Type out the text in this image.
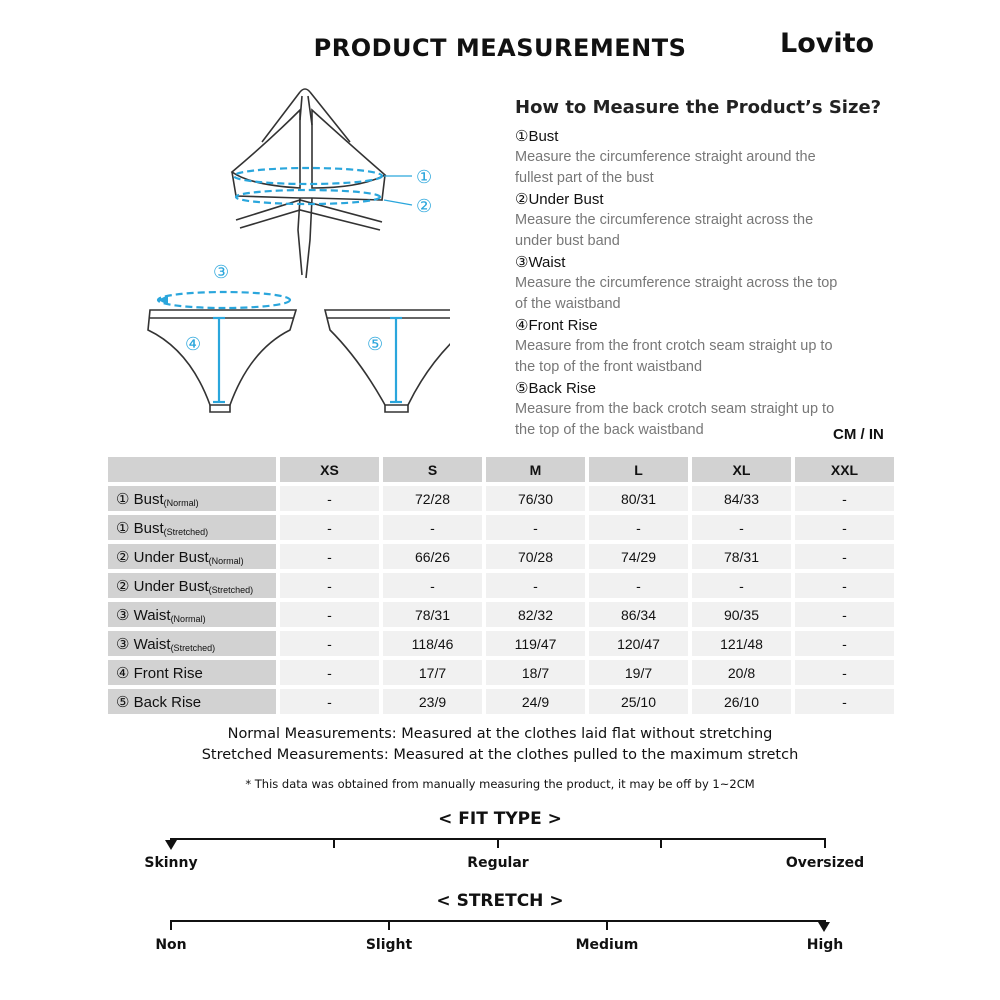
PRODUCT MEASUREMENTS	Lovito
①
②
③
④	⑤
How to Measure the Product’s Size?
①Bust
Measure the circumference straight around the
fullest part of the bust
②Under Bust
Measure the circumference straight across the
under bust band
③Waist
Measure the circumference straight across the top
of the waistband
④Front Rise
Measure from the front crotch seam straight up to
the top of the front waistband
⑤Back Rise
Measure from the back crotch seam straight up to
the top of the back waistband	CM / IN
	XS	S	M	L	XL	XXL
① Bust$_{(Normal)}$	-	72/28	76/30	80/31	84/33	-
① Bust$_{(Stretched)}$	-	-	-	-	-	-
② Under Bust$_{(Normal)}$	-	66/26	70/28	74/29	78/31	-
② Under Bust$_{(Stretched)}$	-	-	-	-	-	-
③ Waist$_{(Normal)}$	-	78/31	82/32	86/34	90/35	-
③ Waist$_{(Stretched)}$	-	118/46	119/47	120/47	121/48	-
④ Front Rise	-	17/7	18/7	19/7	20/8	-
⑤ Back Rise	-	23/9	24/9	25/10	26/10	-
Normal Measurements: Measured at the clothes laid flat without stretching
Stretched Measurements: Measured at the clothes pulled to the maximum stretch
* This data was obtained from manually measuring the product, it may be off by 1~2CM
< FIT TYPE >
Skinny	Regular	Oversized
< STRETCH >
Non	Slight	Medium	High
